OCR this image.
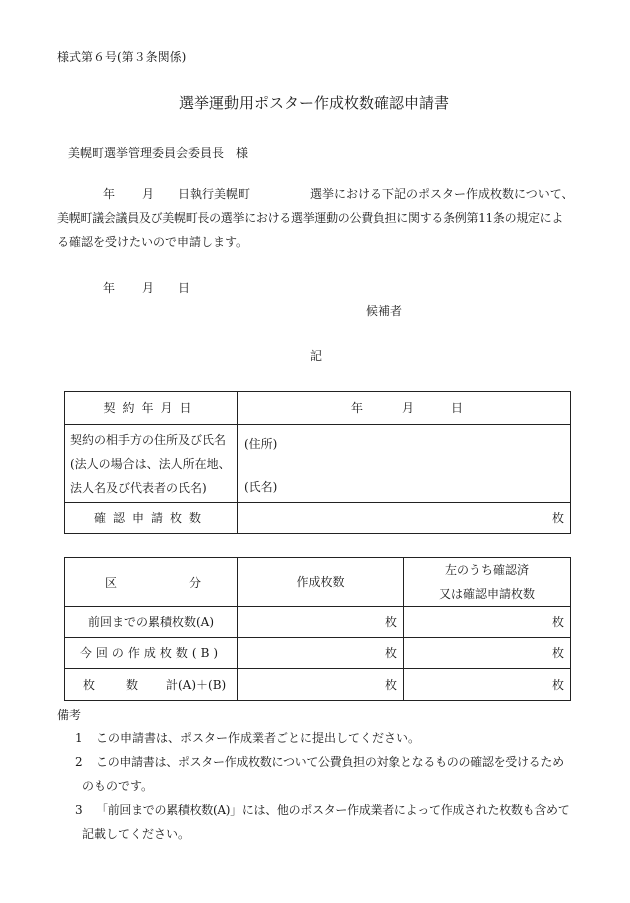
様式第６号(第３条関係)
選挙運動用ポスター作成枚数確認申請書
美幌町選挙管理委員会委員長　様
年 月 日執行美幌町	選挙における下記のポスター作成枚数について、
美幌町議会議員及び美幌町長の選挙における選挙運動の公費負担に関する条例第11条の規定によ
る確認を受けたいので申請します。
年 月 日
候補者
記
契約年月日	年 月 日

契約の相手方の住所及び氏名
(法人の場合は、法人所在地、
法人名及び代表者の氏名)	(住所)
(氏名)

確認申請枚数	枚
区 分	作成枚数	左のうち確認済
又は確認申請枚数

前回までの累積枚数(A)	枚	枚
今回の作成枚数(B)	枚	枚

枚 数 計(A)＋(B)	枚	枚
備考
1 この申請書は、ポスター作成業者ごとに提出してください。
2 この申請書は、ポスター作成枚数について公費負担の対象となるものの確認を受けるため
のものです。
3 「前回までの累積枚数(A)」には、他のポスター作成業者によって作成された枚数も含めて
記載してください。
